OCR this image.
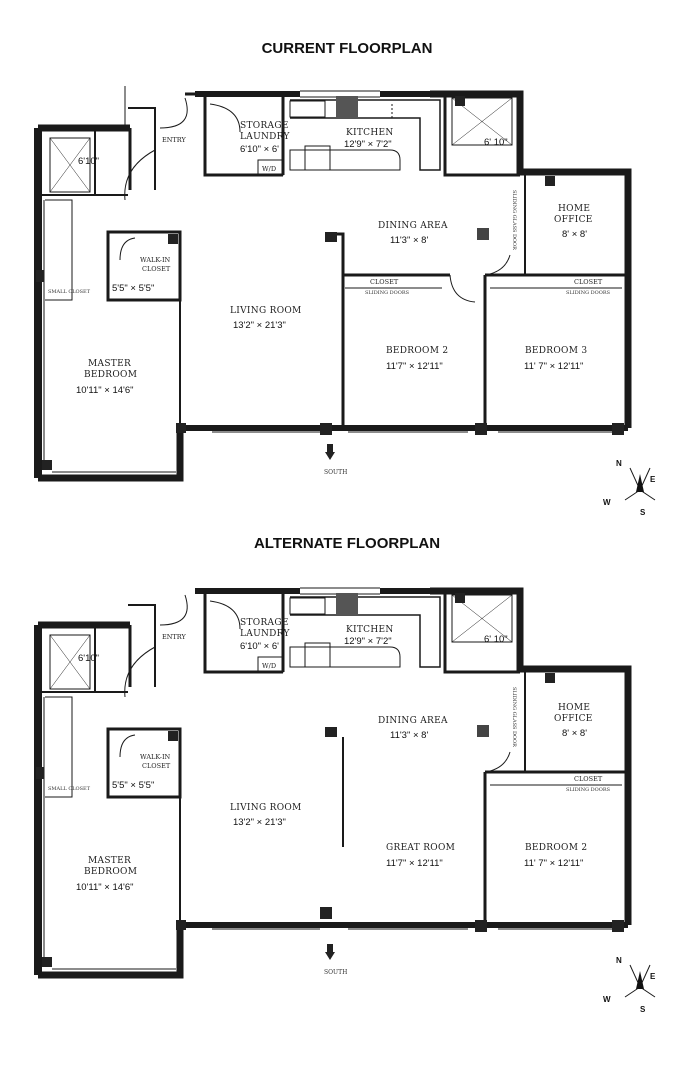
CURRENT FLOORPLAN
ALTERNATE FLOORPLAN
ENTRY
STORAGE
LAUNDRY
6'10" × 6'
W/D
KITCHEN
12'9" × 7'2"
6'10"
6' 10"
DINING AREA
11'3" × 8'
HOME
OFFICE
8' × 8'
SLIDING GLASS DOOR
WALK-IN
CLOSET
5'5" × 5'5"
SMALL CLOSET
LIVING ROOM
13'2" × 21'3"
MASTER
BEDROOM
10'11" × 14'6"
CLOSET
SLIDING DOORS
CLOSET
SLIDING DOORS
BEDROOM 2
11'7" × 12'11"
BEDROOM 3
11' 7" × 12'11"
SOUTH
N
E
W
S
ENTRY
STORAGE
LAUNDRY
6'10" × 6'
W/D
KITCHEN
12'9" × 7'2"
6'10"
6' 10"
DINING AREA
11'3" × 8'
HOME
OFFICE
8' × 8'
SLIDING GLASS DOOR
WALK-IN
CLOSET
5'5" × 5'5"
SMALL CLOSET
LIVING ROOM
13'2" × 21'3"
MASTER
BEDROOM
10'11" × 14'6"
CLOSET
SLIDING DOORS
GREAT ROOM
11'7" × 12'11"
BEDROOM 2
11' 7" × 12'11"
SOUTH
N
E
W
S
